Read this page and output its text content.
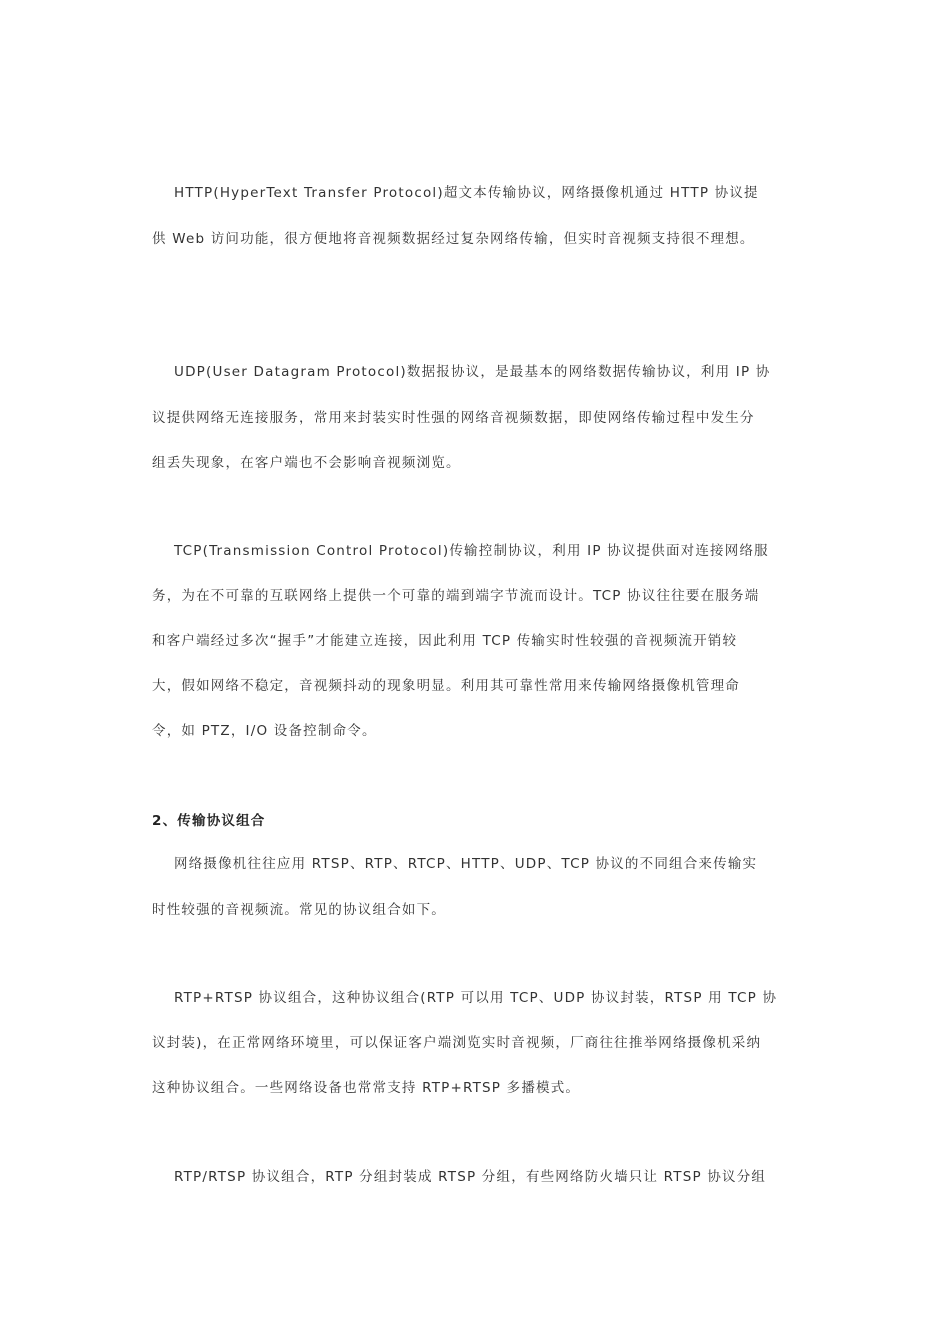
HTTP(HyperText Transfer Protocol)超文本传输协议，网络摄像机通过 HTTP 协议提

供 Web 访问功能，很方便地将音视频数据经过复杂网络传输，但实时音视频支持很不理想。

UDP(User Datagram Protocol)数据报协议，是最基本的网络数据传输协议，利用 IP 协

议提供网络无连接服务，常用来封装实时性强的网络音视频数据，即使网络传输过程中发生分

组丢失现象，在客户端也不会影响音视频浏览。

TCP(Transmission Control Protocol)传输控制协议，利用 IP 协议提供面对连接网络服

务，为在不可靠的互联网络上提供一个可靠的端到端字节流而设计。TCP 协议往往要在服务端

和客户端经过多次“握手”才能建立连接，因此利用 TCP 传输实时性较强的音视频流开销较

大，假如网络不稳定，音视频抖动的现象明显。利用其可靠性常用来传输网络摄像机管理命

令，如 PTZ，I/O 设备控制命令。

2、传输协议组合

网络摄像机往往应用 RTSP、RTP、RTCP、HTTP、UDP、TCP 协议的不同组合来传输实

时性较强的音视频流。常见的协议组合如下。

RTP+RTSP 协议组合，这种协议组合(RTP 可以用 TCP、UDP 协议封装，RTSP 用 TCP 协

议封装)，在正常网络环境里，可以保证客户端浏览实时音视频，厂商往往推举网络摄像机采纳

这种协议组合。一些网络设备也常常支持 RTP+RTSP 多播模式。

RTP/RTSP 协议组合，RTP 分组封装成 RTSP 分组，有些网络防火墙只让 RTSP 协议分组
